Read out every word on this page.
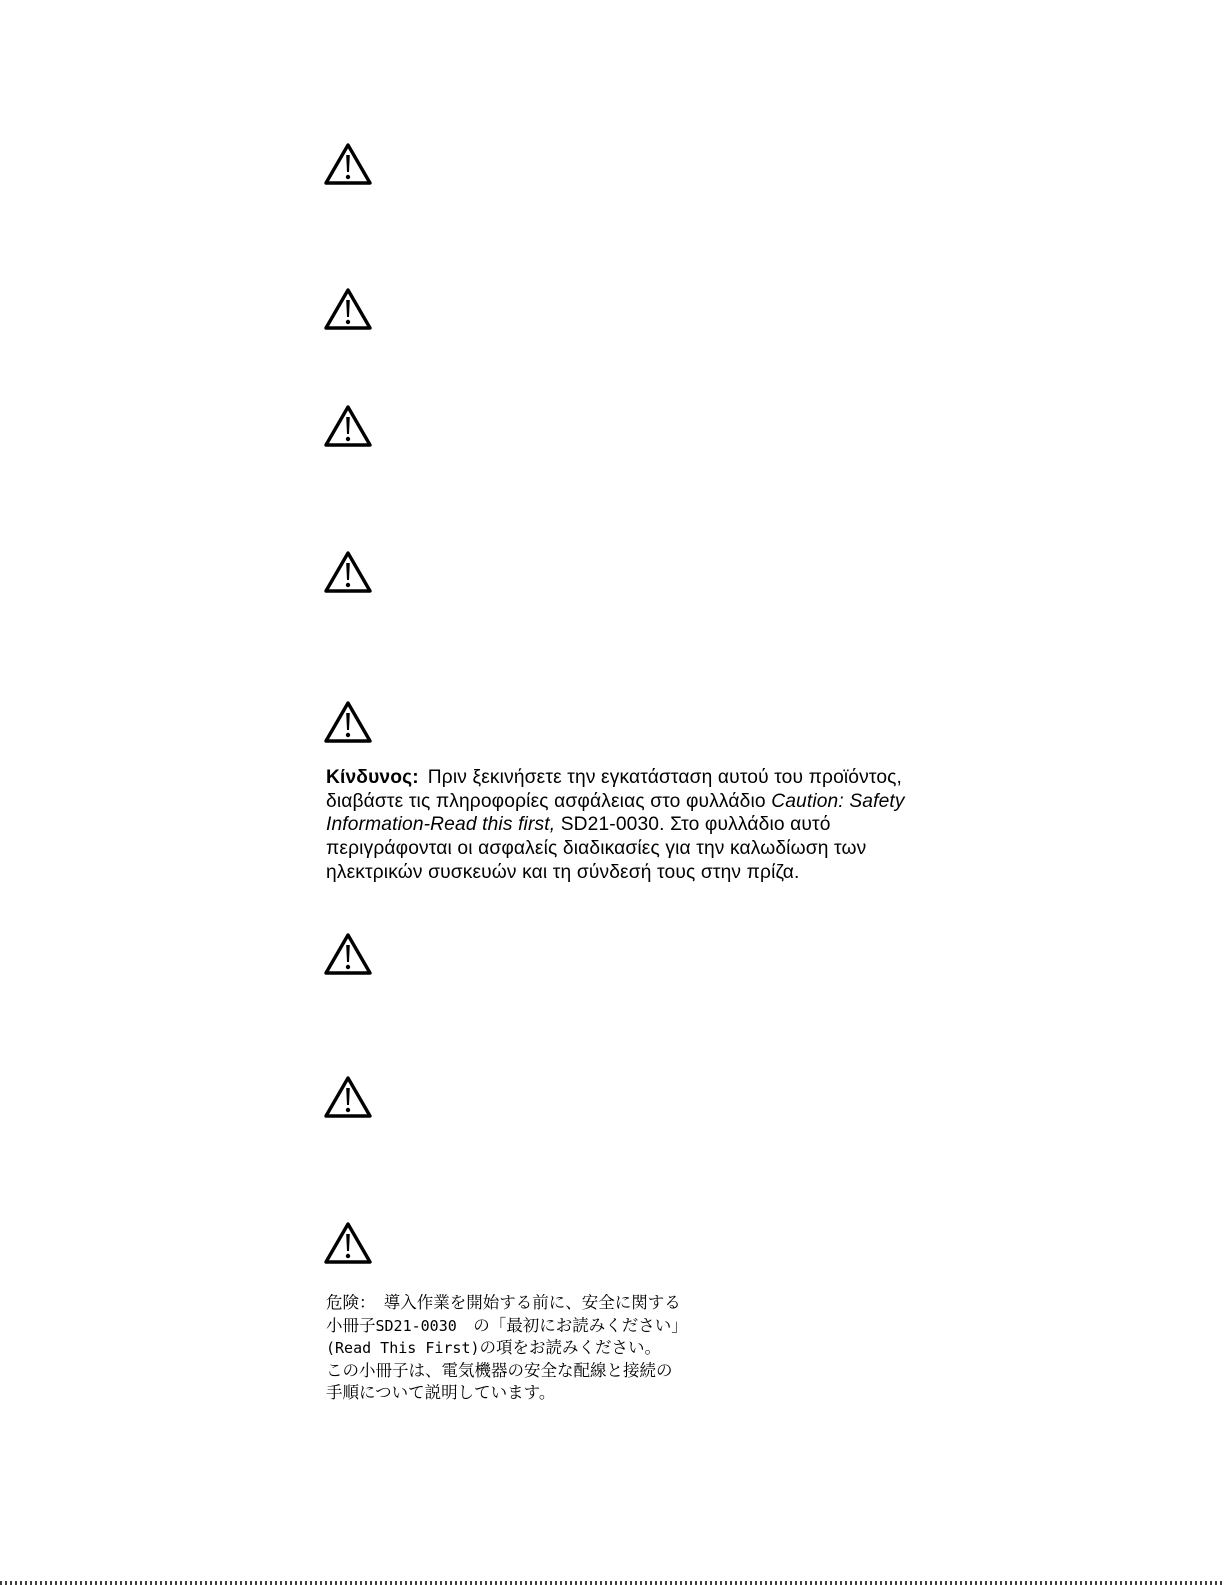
Κίνδυνος: Πριν ξεκινήσετε την εγκατάσταση αυτού του προϊόντος,
διαβάστε τις πληροφορίες ασφάλειας στο φυλλάδιο Caution: Safety
Information-Read this first, SD21-0030. Στο φυλλάδιο αυτό
περιγράφονται οι ασφαλείς διαδικασίες για την καλωδίωση των
ηλεκτρικών συσκευών και τη σύνδεσή τους στην πρίζα.
危険：　 導入作業を開始する前に、安全に関する
小冊子SD21-0030　の「最初にお読みください」
(Read This First)の項をお読みください。
この小冊子は、電気機器の安全な配線と接続の
手順について説明しています。
